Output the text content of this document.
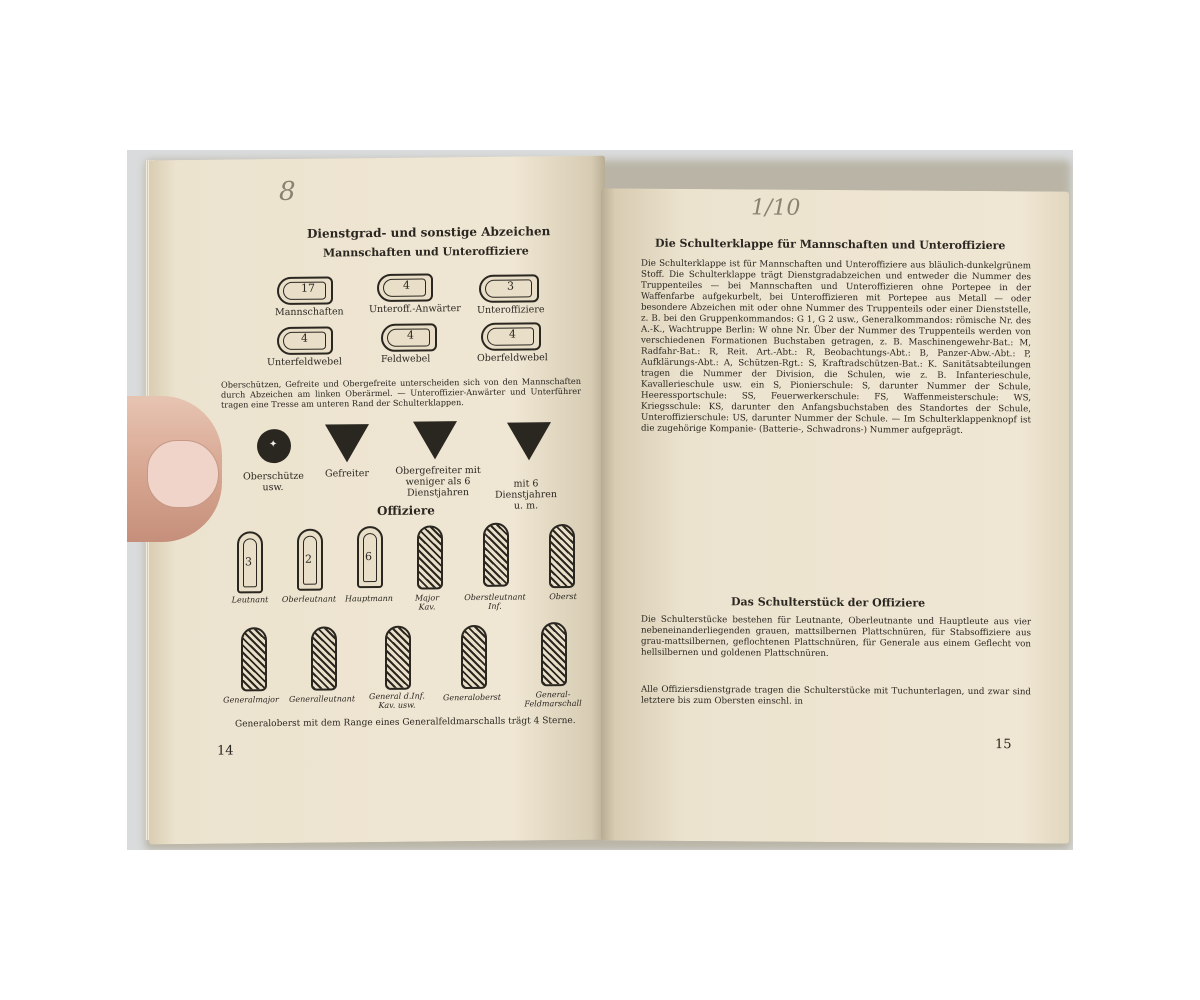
8
Dienstgrad- und sonstige Abzeichen
Mannschaften und Unteroffiziere
17	4	3
Mannschaften	Unteroff.-Anwärter Unteroffiziere
4	4	4
Unterfeldwebel	Feldwebel	Oberfeldwebel
Oberschützen, Gefreite und Obergefreite unterscheiden sich von den Mannschaften durch Abzeichen am linken Oberärmel. — Unteroffizier-Anwärter und Unterführer tragen eine Tresse am unteren Rand der Schulterklappen.
✦
Oberschütze usw.
Gefreiter	Obergefreiter mit weniger als 6 Dienstjahren
mit 6 Dienstjahren u. m.
Offiziere
3	2	6
Leutnant	Oberleutnant	Hauptmann	Major Kav.
Oberstleutnant Inf.
Oberst
Generalmajor	Generalleutnant	General d.Inf. Kav. usw.
Generaloberst	General-Feldmarschall
Generaloberst mit dem Range eines Generalfeldmarschalls trägt 4 Sterne.
14
1/10
Die Schulterklappe für Mannschaften und Unteroffiziere
Die Schulterklappe ist für Mannschaften und Unteroffiziere aus bläulich-dunkelgrünem Stoff. Die Schulterklappe trägt Dienstgradabzeichen und entweder die Nummer des Truppenteiles — bei Mannschaften und Unteroffizieren ohne Portepee in der Waffenfarbe aufgekurbelt, bei Unteroffizieren mit Portepee aus Metall — oder besondere Abzeichen mit oder ohne Nummer des Truppenteils oder einer Dienststelle, z. B. bei den Gruppenkommandos: G 1, G 2 usw., Generalkommandos: römische Nr. des A.-K., Wachtruppe Berlin: W ohne Nr. Über der Nummer des Truppenteils werden von verschiedenen Formationen Buchstaben getragen, z. B. Maschinengewehr-Bat.: M, Radfahr-Bat.: R, Reit. Art.-Abt.: R, Beobachtungs-Abt.: B, Panzer-Abw.-Abt.: P, Aufklärungs-Abt.: A, Schützen-Rgt.: S, Kraftradschützen-Bat.: K. Sanitätsabteilungen tragen die Nummer der Division, die Schulen, wie z. B. Infanterieschule, Kavallerieschule usw. ein S, Pionierschule: S, darunter Nummer der Schule, Heeressportschule: SS, Feuerwerkerschule: FS, Waffenmeisterschule: WS, Kriegsschule: KS, darunter den Anfangsbuchstaben des Standortes der Schule, Unteroffizierschule: US, darunter Nummer der Schule. — Im Schulterklappenknopf ist die zugehörige Kompanie- (Batterie-, Schwadrons-) Nummer aufgeprägt.
Das Schulterstück der Offiziere
Die Schulterstücke bestehen für Leutnante, Oberleutnante und Hauptleute aus vier nebeneinanderliegenden grauen, mattsilbernen Plattschnüren, für Stabsoffiziere aus grau-mattsilbernen, geflochtenen Plattschnüren, für Generale aus einem Geflecht von hellsilbernen und goldenen Plattschnüren.
Alle Offiziersdienstgrade tragen die Schulterstücke mit Tuchunterlagen, und zwar sind letztere bis zum Obersten einschl. in
15
